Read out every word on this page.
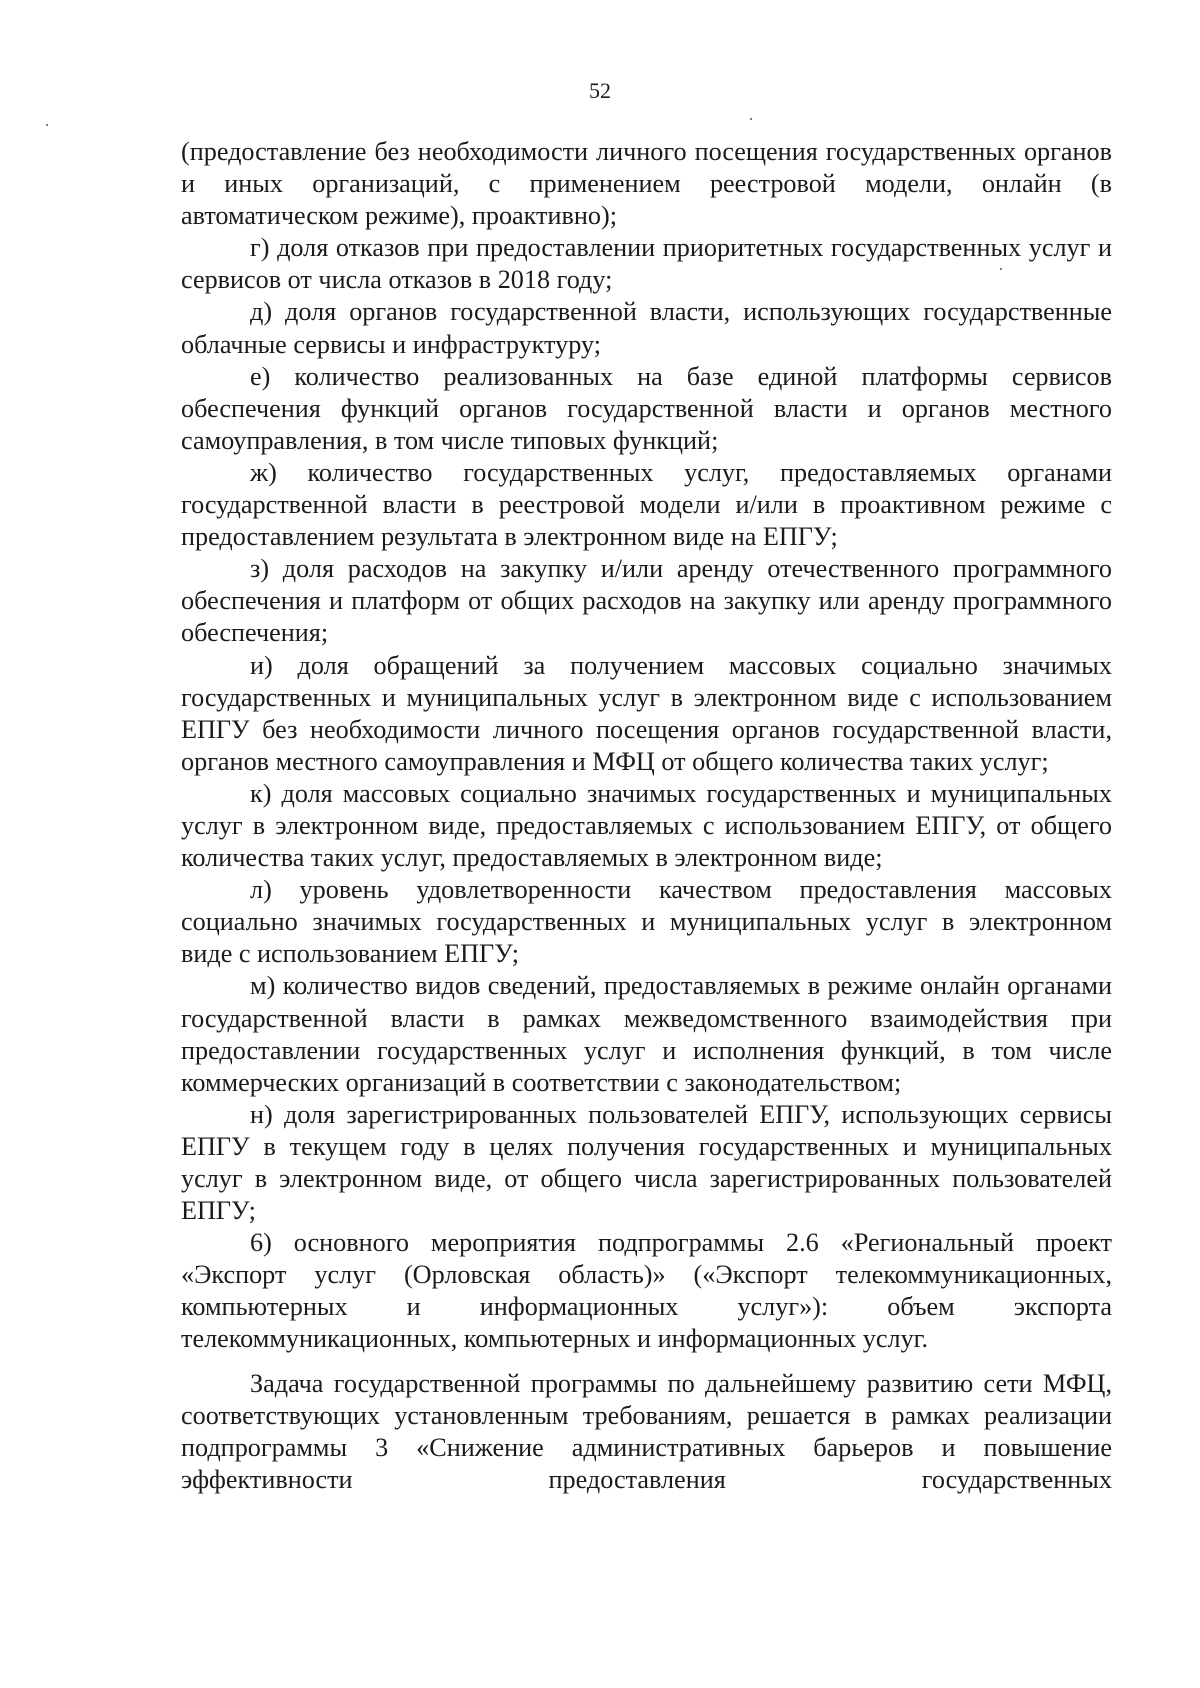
52

(предоставление без необходимости личного посещения государственных органов и иных организаций, с применением реестровой модели, онлайн (в автоматическом режиме), проактивно);

г) доля отказов при предоставлении приоритетных государственных услуг и сервисов от числа отказов в 2018 году;

д) доля органов государственной власти, использующих государственные облачные сервисы и инфраструктуру;

е) количество реализованных на базе единой платформы сервисов обеспечения функций органов государственной власти и органов местного самоуправления, в том числе типовых функций;

ж) количество государственных услуг, предоставляемых органами государственной власти в реестровой модели и/или в проактивном режиме с предоставлением результата в электронном виде на ЕПГУ;

з) доля расходов на закупку и/или аренду отечественного программного обеспечения и платформ от общих расходов на закупку или аренду программного обеспечения;

и) доля обращений за получением массовых социально значимых государственных и муниципальных услуг в электронном виде с использованием ЕПГУ без необходимости личного посещения органов государственной власти, органов местного самоуправления и МФЦ от общего количества таких услуг;

к) доля массовых социально значимых государственных и муниципальных услуг в электронном виде, предоставляемых с использованием ЕПГУ, от общего количества таких услуг, предоставляемых в электронном виде;

л) уровень удовлетворенности качеством предоставления массовых социально значимых государственных и муниципальных услуг в электронном виде с использованием ЕПГУ;

м) количество видов сведений, предоставляемых в режиме онлайн органами государственной власти в рамках межведомственного взаимодействия при предоставлении государственных услуг и исполнения функций, в том числе коммерческих организаций в соответствии с законодательством;

н) доля зарегистрированных пользователей ЕПГУ, использующих сервисы ЕПГУ в текущем году в целях получения государственных и муниципальных услуг в электронном виде, от общего числа зарегистрированных пользователей ЕПГУ;

6) основного мероприятия подпрограммы 2.6 «Региональный проект «Экспорт услуг (Орловская область)» («Экспорт телекоммуникационных, компьютерных и информационных услуг»): объем экспорта телекоммуникационных, компьютерных и информационных услуг.

Задача государственной программы по дальнейшему развитию сети МФЦ, соответствующих установленным требованиям, решается в рамках реализации подпрограммы 3 «Снижение административных барьеров и повышение эффективности предоставления государственных
